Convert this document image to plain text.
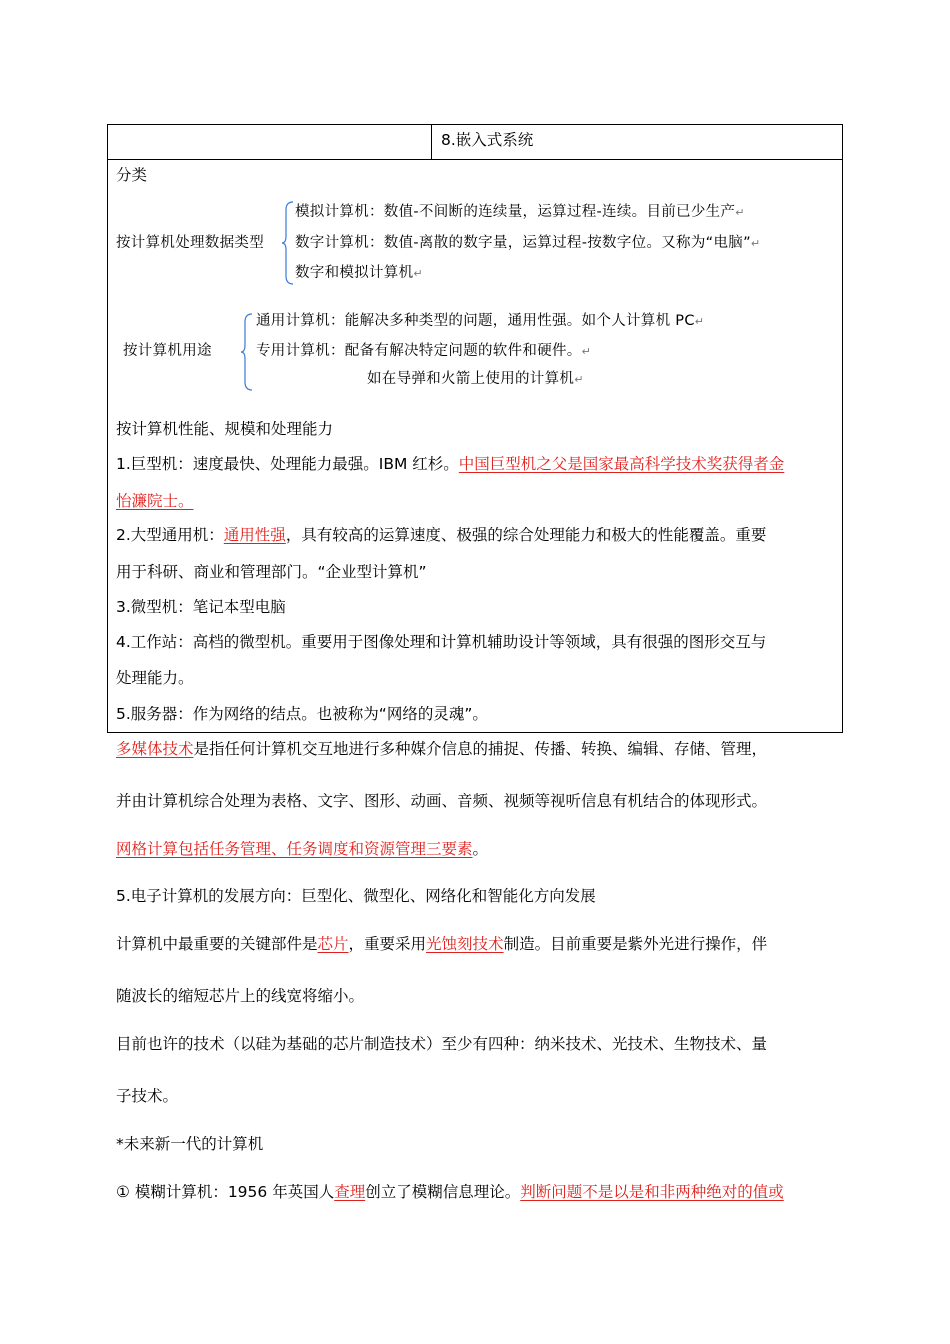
8.嵌入式系统
分类
按计算机处理数据类型
模拟计算机：数值-不间断的连续量，运算过程-连续。目前已少生产↵
数字计算机：数值-离散的数字量，运算过程-按数字位。又称为“电脑”↵
数字和模拟计算机↵
按计算机用途
通用计算机：能解决多种类型的问题，通用性强。如个人计算机 PC↵
专用计算机：配备有解决特定问题的软件和硬件。↵
如在导弹和火箭上使用的计算机↵
按计算机性能、规模和处理能力
1.巨型机：速度最快、处理能力最强。IBM 红杉。中国巨型机之父是国家最高科学技术奖获得者金
怡濂院士。
2.大型通用机：通用性强，具有较高的运算速度、极强的综合处理能力和极大的性能覆盖。重要
用于科研、商业和管理部门。“企业型计算机”
3.微型机：笔记本型电脑
4.工作站：高档的微型机。重要用于图像处理和计算机辅助设计等领域，具有很强的图形交互与
处理能力。
5.服务器：作为网络的结点。也被称为“网络的灵魂”。
多媒体技术是指任何计算机交互地进行多种媒介信息的捕捉、传播、转换、编辑、存储、管理，
并由计算机综合处理为表格、文字、图形、动画、音频、视频等视听信息有机结合的体现形式。
网格计算包括任务管理、任务调度和资源管理三要素。
5.电子计算机的发展方向：巨型化、微型化、网络化和智能化方向发展
计算机中最重要的关键部件是芯片，重要采用光蚀刻技术制造。目前重要是紫外光进行操作，伴
随波长的缩短芯片上的线宽将缩小。
目前也许的技术（以硅为基础的芯片制造技术）至少有四种：纳米技术、光技术、生物技术、量
子技术。
*未来新一代的计算机
① 模糊计算机：1956 年英国人查理创立了模糊信息理论。判断问题不是以是和非两种绝对的值或
